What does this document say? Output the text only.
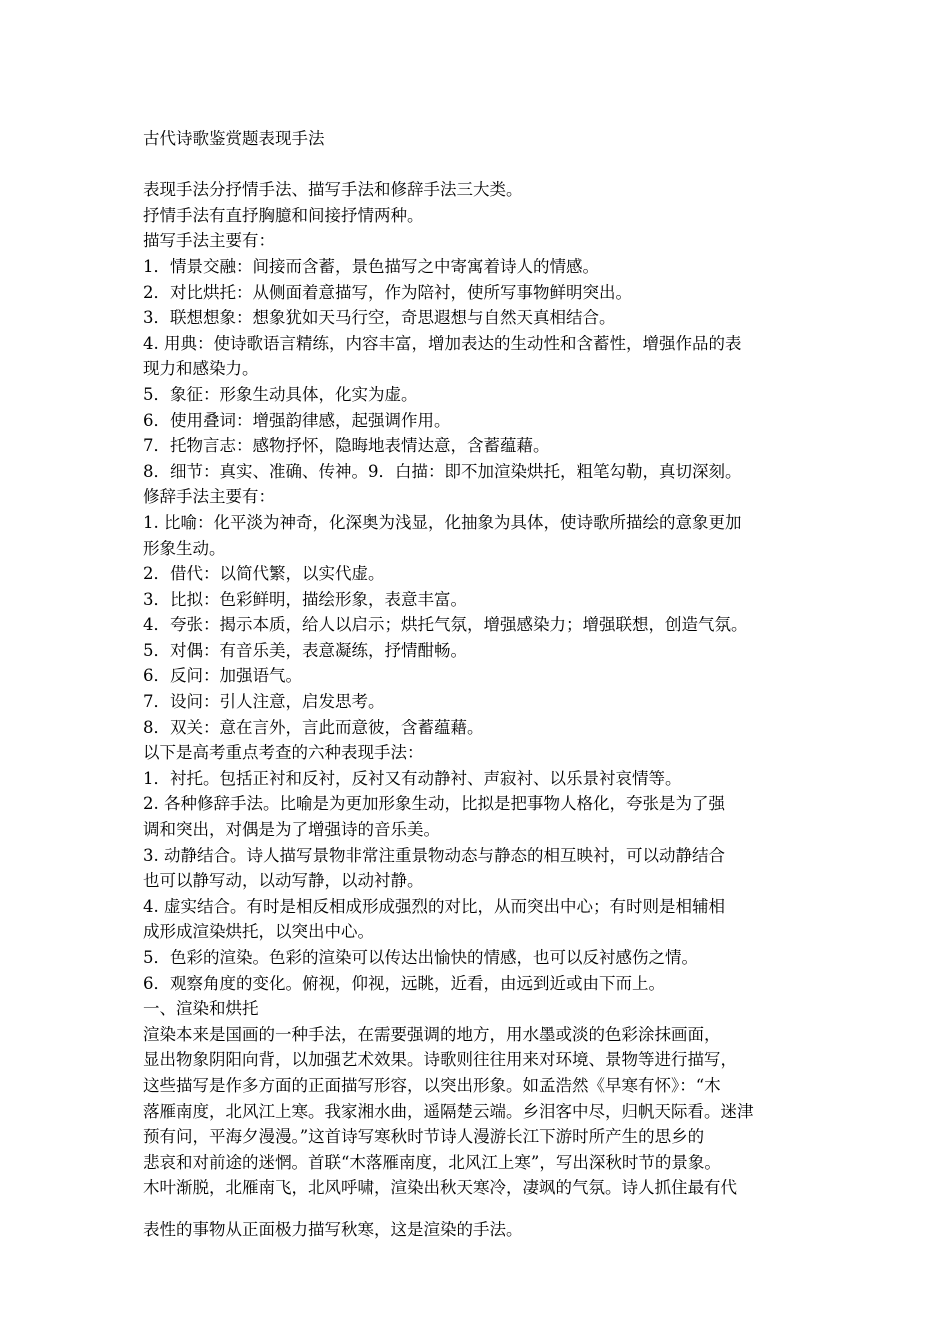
古代诗歌鉴赏题表现手法
表现手法分抒情手法、描写手法和修辞手法三大类。
抒情手法有直抒胸臆和间接抒情两种。
描写手法主要有：
1．情景交融：间接而含蓄，景色描写之中寄寓着诗人的情感。
2．对比烘托：从侧面着意描写，作为陪衬，使所写事物鲜明突出。
3．联想想象：想象犹如天马行空，奇思遐想与自然天真相结合。
4. 用典：使诗歌语言精练，内容丰富，增加表达的生动性和含蓄性，增强作品的表
现力和感染力。
5．象征：形象生动具体，化实为虚。
6．使用叠词：增强韵律感，起强调作用。
7．托物言志：感物抒怀，隐晦地表情达意，含蓄蕴藉。
8．细节：真实、准确、传神。9．白描：即不加渲染烘托，粗笔勾勒，真切深刻。
修辞手法主要有：
1. 比喻：化平淡为神奇，化深奥为浅显，化抽象为具体，使诗歌所描绘的意象更加
形象生动。
2．借代：以简代繁，以实代虚。
3．比拟：色彩鲜明，描绘形象，表意丰富。
4．夸张：揭示本质，给人以启示；烘托气氛，增强感染力；增强联想，创造气氛。
5．对偶：有音乐美，表意凝练，抒情酣畅。
6．反问：加强语气。
7．设问：引人注意，启发思考。
8．双关：意在言外，言此而意彼，含蓄蕴藉。
以下是高考重点考查的六种表现手法：
1．衬托。包括正衬和反衬，反衬又有动静衬、声寂衬、以乐景衬哀情等。
2. 各种修辞手法。比喻是为更加形象生动，比拟是把事物人格化，夸张是为了强
调和突出，对偶是为了增强诗的音乐美。
3. 动静结合。诗人描写景物非常注重景物动态与静态的相互映衬，可以动静结合
也可以静写动，以动写静，以动衬静。
4. 虚实结合。有时是相反相成形成强烈的对比，从而突出中心；有时则是相辅相
成形成渲染烘托，以突出中心。
5．色彩的渲染。色彩的渲染可以传达出愉快的情感，也可以反衬感伤之情。
6．观察角度的变化。俯视，仰视，远眺，近看，由远到近或由下而上。
一、渲染和烘托
渲染本来是国画的一种手法，在需要强调的地方，用水墨或淡的色彩涂抹画面，
显出物象阴阳向背，以加强艺术效果。诗歌则往往用来对环境、景物等进行描写，
这些描写是作多方面的正面描写形容，以突出形象。如孟浩然《早寒有怀》：“木
落雁南度，北风江上寒。我家湘水曲，遥隔楚云端。乡泪客中尽，归帆天际看。迷津
预有问，平海夕漫漫。”这首诗写寒秋时节诗人漫游长江下游时所产生的思乡的
悲哀和对前途的迷惘。首联“木落雁南度，北风江上寒”，写出深秋时节的景象。
木叶渐脱，北雁南飞，北风呼啸，渲染出秋天寒冷，凄飒的气氛。诗人抓住最有代
表性的事物从正面极力描写秋寒，这是渲染的手法。
